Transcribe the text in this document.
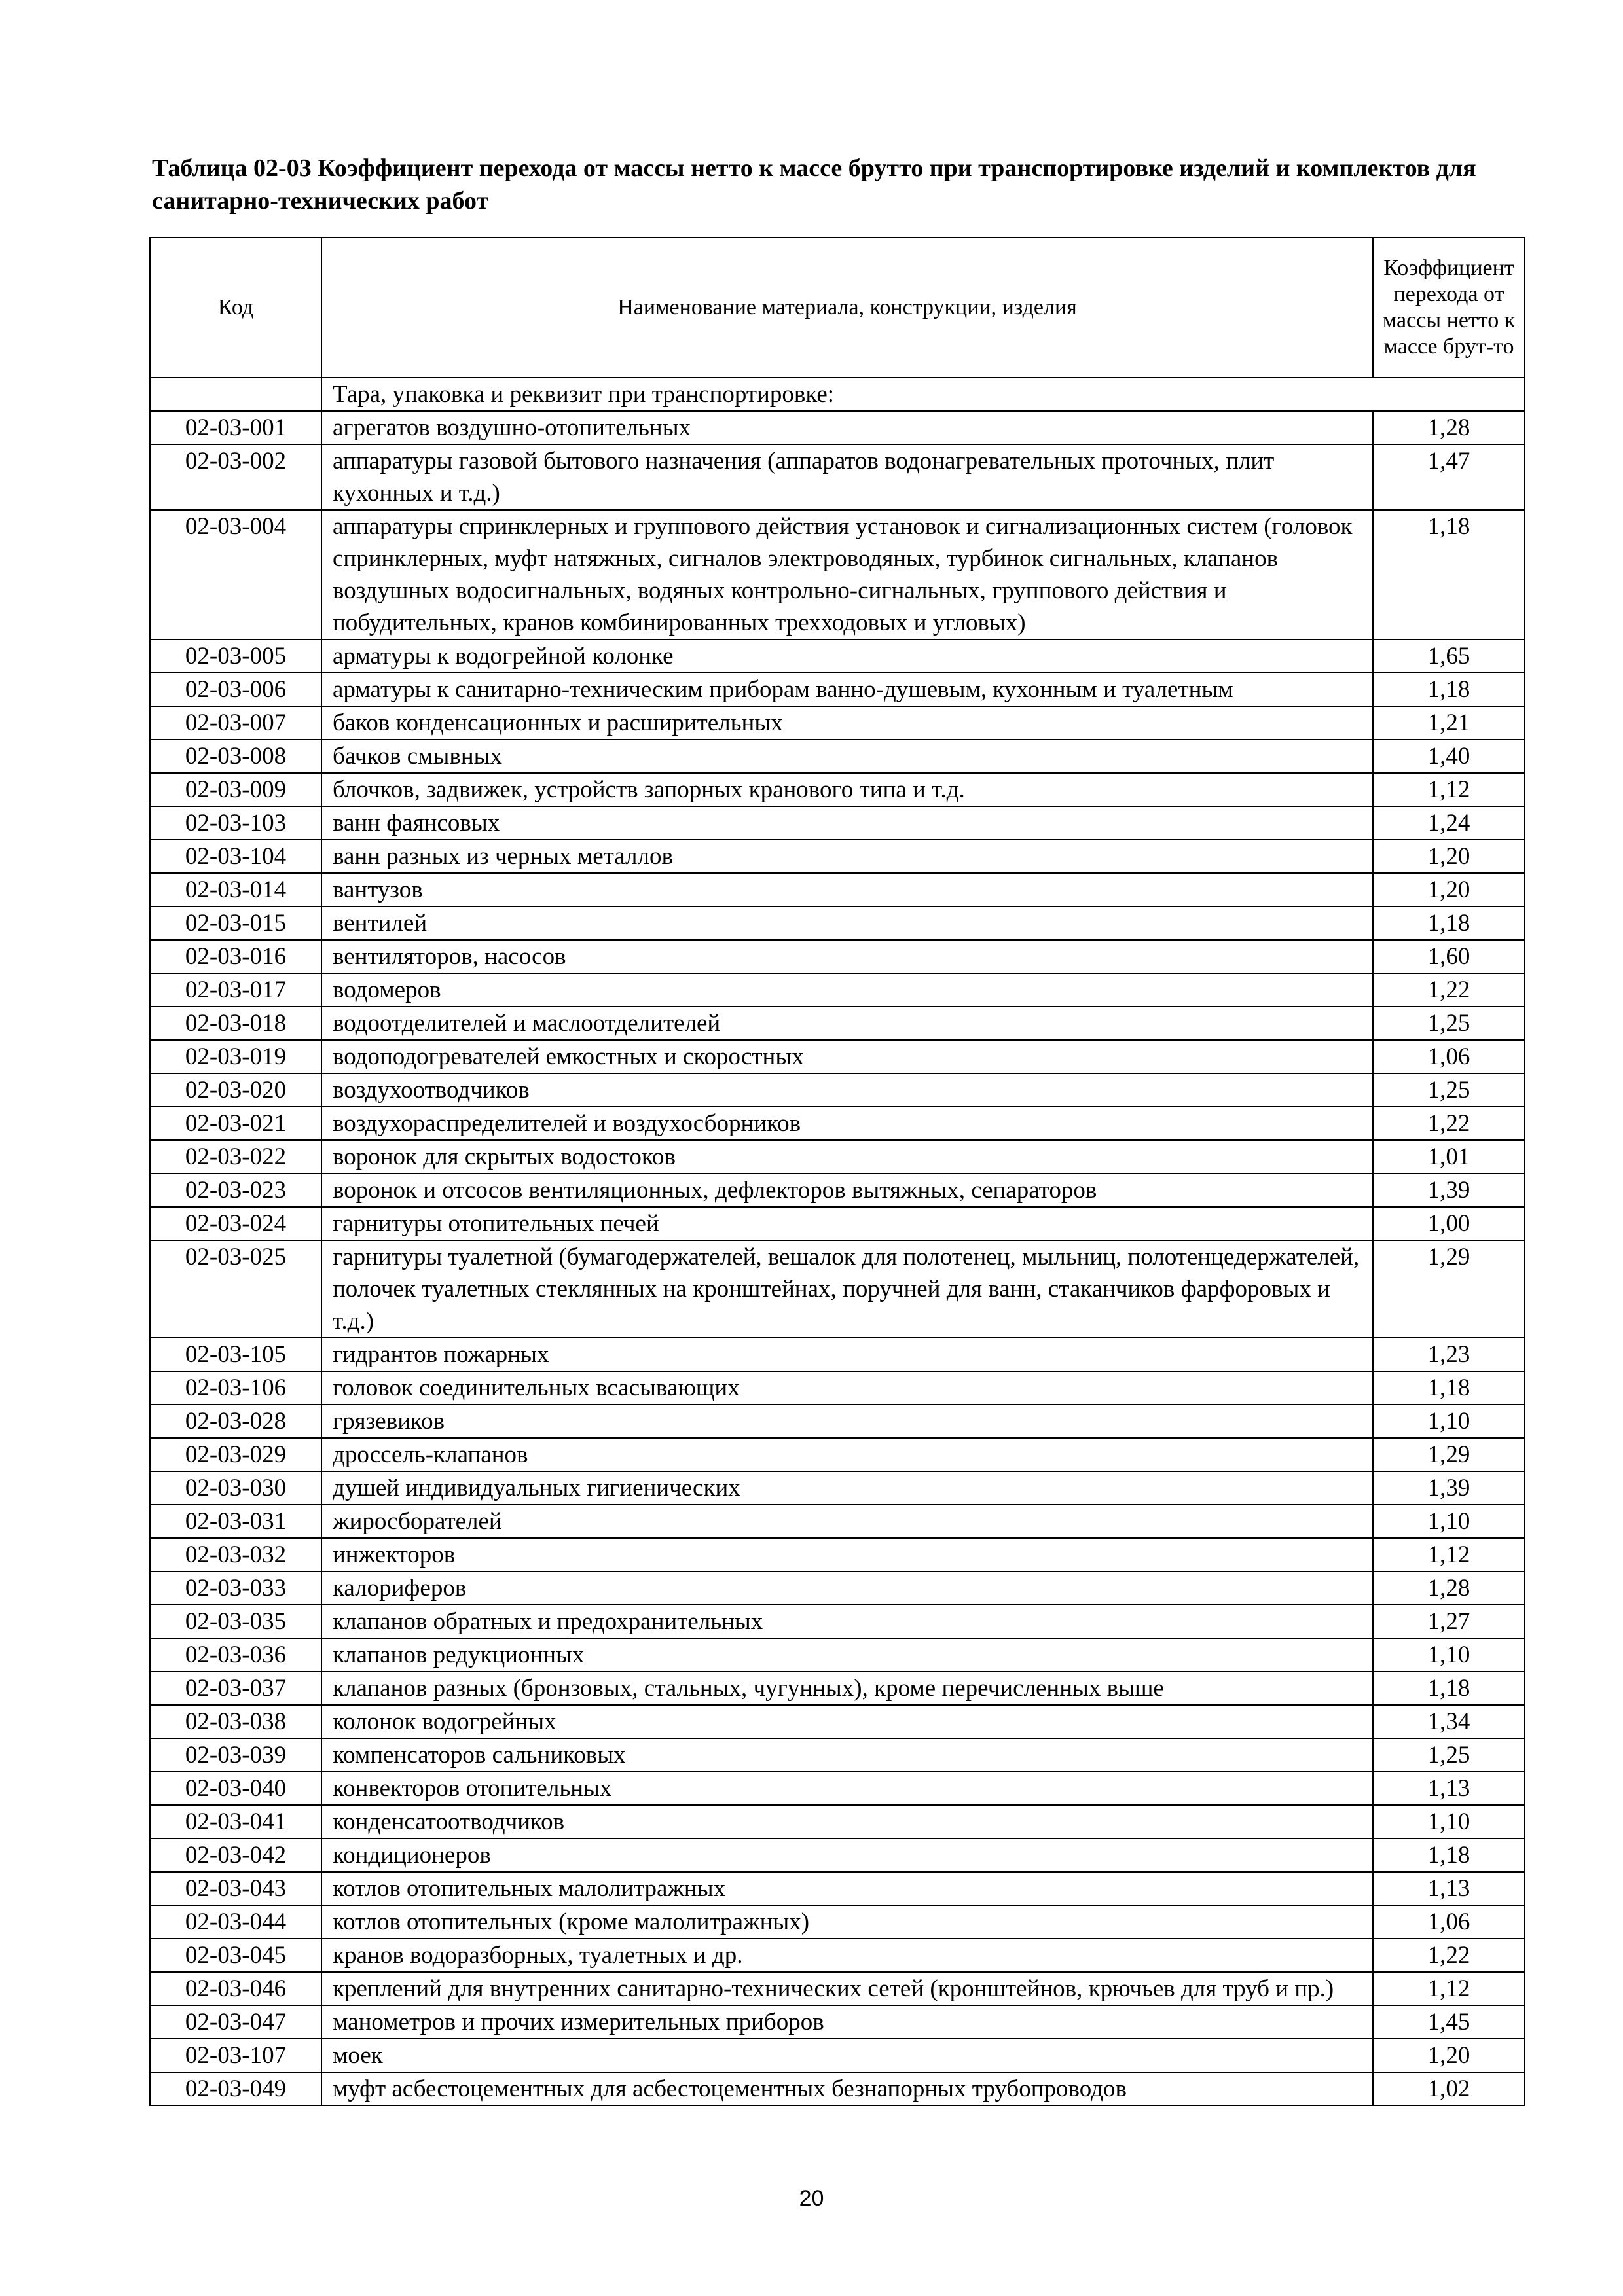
Таблица 02-03 Коэффициент перехода от массы нетто к массе брутто при транспортировке изделий и комплектов для санитарно-технических работ
Код	Наименование материала, конструкции, изделия	Коэффициент перехода от массы нетто к массе брут-то
	Тара, упаковка и реквизит при транспортировке:	
02-03-001	агрегатов воздушно-отопительных	1,28
02-03-002	аппаратуры газовой бытового назначения (аппаратов водонагревательных проточных, плит кухонных и т.д.)	1,47
02-03-004	аппаратуры спринклерных и группового действия установок и сигнализационных систем (головок спринклерных, муфт натяжных, сигналов электроводяных, турбинок сигнальных, клапанов воздушных водосигнальных, водяных контрольно-сигнальных, группового действия и побудительных, кранов комбинированных трехходовых и угловых)	1,18
02-03-005	арматуры к водогрейной колонке	1,65
02-03-006	арматуры к санитарно-техническим приборам ванно-душевым, кухонным и туалетным	1,18
02-03-007	баков конденсационных и расширительных	1,21
02-03-008	бачков смывных	1,40
02-03-009	блочков, задвижек, устройств запорных кранового типа и т.д.	1,12
02-03-103	ванн фаянсовых	1,24
02-03-104	ванн разных из черных металлов	1,20
02-03-014	вантузов	1,20
02-03-015	вентилей	1,18
02-03-016	вентиляторов, насосов	1,60
02-03-017	водомеров	1,22
02-03-018	водоотделителей и маслоотделителей	1,25
02-03-019	водоподогревателей емкостных и скоростных	1,06
02-03-020	воздухоотводчиков	1,25
02-03-021	воздухораспределителей и воздухосборников	1,22
02-03-022	воронок для скрытых водостоков	1,01
02-03-023	воронок и отсосов вентиляционных, дефлекторов вытяжных, сепараторов	1,39
02-03-024	гарнитуры отопительных печей	1,00
02-03-025	гарнитуры туалетной (бумагодержателей, вешалок для полотенец, мыльниц, полотенцедержателей, полочек туалетных стеклянных на кронштейнах, поручней для ванн, стаканчиков фарфоровых и т.д.)	1,29
02-03-105	гидрантов пожарных	1,23
02-03-106	головок соединительных всасывающих	1,18
02-03-028	грязевиков	1,10
02-03-029	дроссель-клапанов	1,29
02-03-030	душей индивидуальных гигиенических	1,39
02-03-031	жиросборателей	1,10
02-03-032	инжекторов	1,12
02-03-033	калориферов	1,28
02-03-035	клапанов обратных и предохранительных	1,27
02-03-036	клапанов редукционных	1,10
02-03-037	клапанов разных (бронзовых, стальных, чугунных), кроме перечисленных выше	1,18
02-03-038	колонок водогрейных	1,34
02-03-039	компенсаторов сальниковых	1,25
02-03-040	конвекторов отопительных	1,13
02-03-041	конденсатоотводчиков	1,10
02-03-042	кондиционеров	1,18
02-03-043	котлов отопительных малолитражных	1,13
02-03-044	котлов отопительных (кроме малолитражных)	1,06
02-03-045	кранов водоразборных, туалетных и др.	1,22
02-03-046	креплений для внутренних санитарно-технических сетей (кронштейнов, крючьев для труб и пр.)	1,12
02-03-047	манометров и прочих измерительных приборов	1,45
02-03-107	моек	1,20
02-03-049	муфт асбестоцементных для асбестоцементных безнапорных трубопроводов	1,02
20
